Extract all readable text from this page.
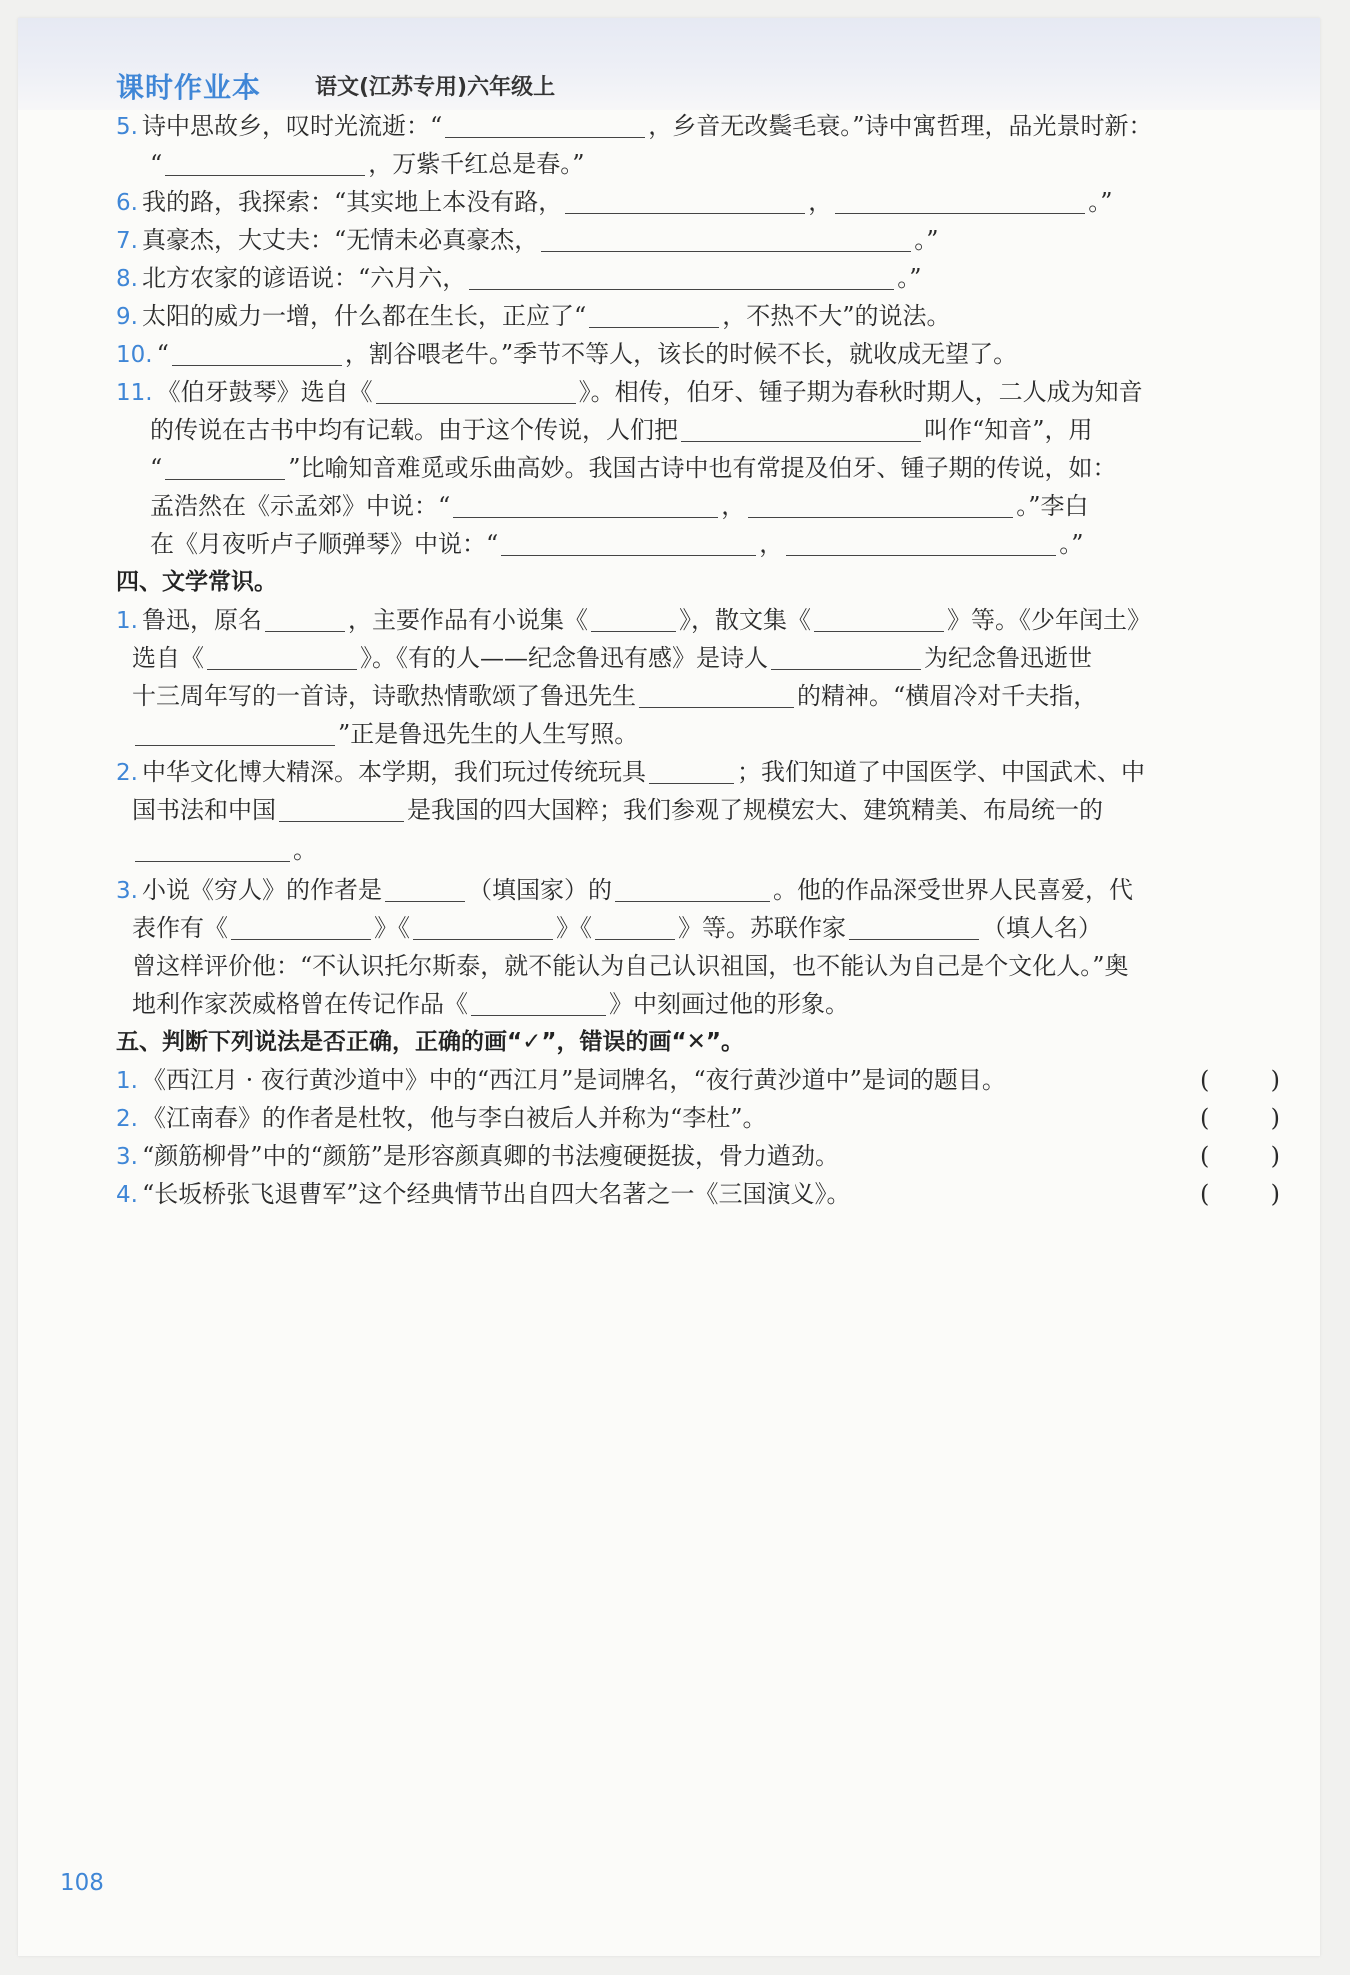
课时作业本 语文(江苏专用)六年级上
5. 诗中思故乡，叹时光流逝：“	，乡音无改鬓毛衰。”诗中寓哲理，品光景时新：
“	，万紫千红总是春。”
6. 我的路，我探索：“其实地上本没有路，	，	。”
7. 真豪杰，大丈夫：“无情未必真豪杰，	。”
8. 北方农家的谚语说：“六月六，	。”
9. 太阳的威力一增，什么都在生长，正应了“	，不热不大”的说法。
10. “	，割谷喂老牛。”季节不等人，该长的时候不长，就收成无望了。
11. 《伯牙鼓琴》选自《	》。相传，伯牙、锺子期为春秋时期人，二人成为知音
的传说在古书中均有记载。由于这个传说，人们把	叫作“知音”，用
“	”比喻知音难觅或乐曲高妙。我国古诗中也有常提及伯牙、锺子期的传说，如：
孟浩然在《示孟郊》中说：“	，	。”李白
在《月夜听卢子顺弹琴》中说：“	，	。”
四、文学常识。
1. 鲁迅，原名	，主要作品有小说集《	》，散文集《	》等。《少年闰土》
选自《	》。《有的人——纪念鲁迅有感》是诗人	为纪念鲁迅逝世
十三周年写的一首诗，诗歌热情歌颂了鲁迅先生	的精神。“横眉冷对千夫指，
”正是鲁迅先生的人生写照。
2. 中华文化博大精深。本学期，我们玩过传统玩具	；我们知道了中国医学、中国武术、中
国书法和中国	是我国的四大国粹；我们参观了规模宏大、建筑精美、布局统一的
。
3. 小说《穷人》的作者是	（填国家）的	。他的作品深受世界人民喜爱，代
表作有《	》《	》《	》等。苏联作家	（填人名）
曾这样评价他：“不认识托尔斯泰，就不能认为自己认识祖国，也不能认为自己是个文化人。”奥
地利作家茨威格曾在传记作品《	》中刻画过他的形象。
五、判断下列说法是否正确，正确的画“✓”，错误的画“✕”。
1. 《西江月 · 夜行黄沙道中》中的“西江月”是词牌名，“夜行黄沙道中”是词的题目。	(	)
2. 《江南春》的作者是杜牧，他与李白被后人并称为“李杜”。	(	)
3. “颜筋柳骨”中的“颜筋”是形容颜真卿的书法瘦硬挺拔，骨力遒劲。	(	)
4. “长坂桥张飞退曹军”这个经典情节出自四大名著之一《三国演义》。	(	)
108
